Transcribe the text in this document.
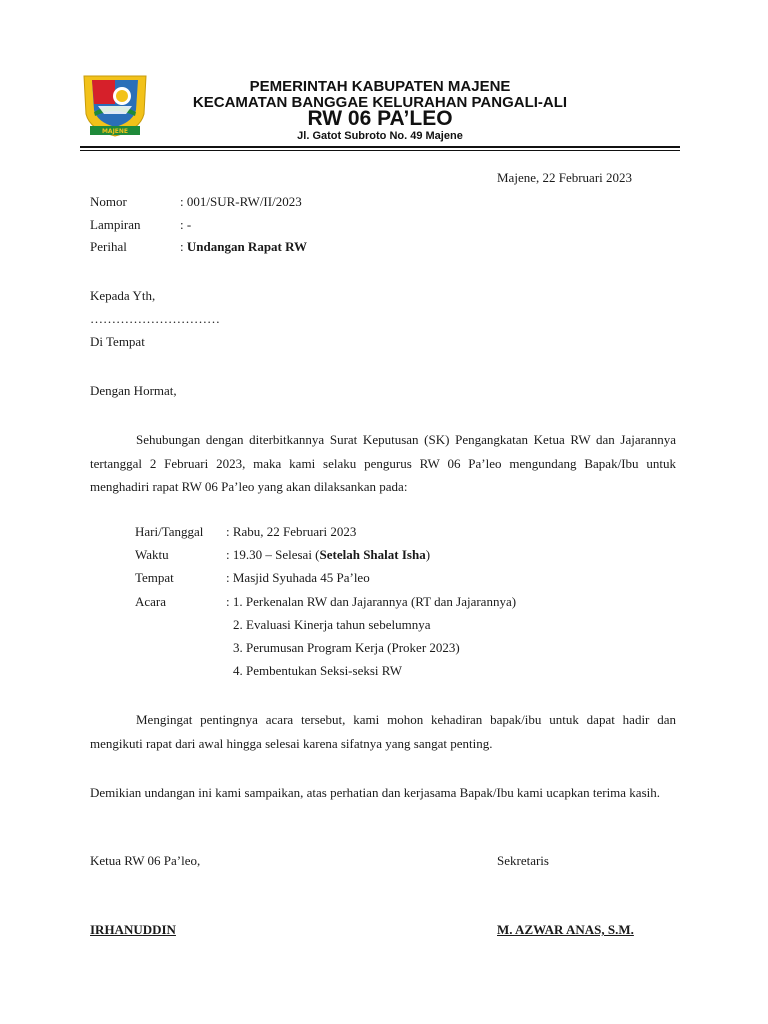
MAJENE
PEMERINTAH KABUPATEN MAJENE
KECAMATAN BANGGAE KELURAHAN PANGALI-ALI
RW 06 PA’LEO
Jl. Gatot Subroto No. 49 Majene
Majene, 22 Februari 2023
Nomor	: 001/SUR-RW/II/2023
Lampiran	: -
Perihal	: Undangan Rapat RW
Kepada Yth,
…………………………
Di Tempat
Dengan Hormat,
Sehubungan dengan diterbitkannya Surat Keputusan (SK) Pengangkatan Ketua RW dan Jajarannya tertanggal 2 Februari 2023, maka kami selaku pengurus RW 06 Pa’leo mengundang Bapak/Ibu untuk menghadiri rapat RW 06 Pa’leo yang akan dilaksankan pada:
Hari/Tanggal : Rabu, 22 Februari 2023
Waktu	: 19.30 – Selesai (Setelah Shalat Isha)
Tempat	: Masjid Syuhada 45 Pa’leo
Acara	: 1. Perkenalan RW dan Jajarannya (RT dan Jajarannya)
2. Evaluasi Kinerja tahun sebelumnya
3. Perumusan Program Kerja (Proker 2023)
4. Pembentukan Seksi-seksi RW
Mengingat pentingnya acara tersebut, kami mohon kehadiran bapak/ibu untuk dapat hadir dan mengikuti rapat dari awal hingga selesai karena sifatnya yang sangat penting.
Demikian undangan ini kami sampaikan, atas perhatian dan kerjasama Bapak/Ibu kami ucapkan terima kasih.
Ketua RW 06 Pa’leo,	Sekretaris
IRHANUDDIN	M. AZWAR ANAS, S.M.
